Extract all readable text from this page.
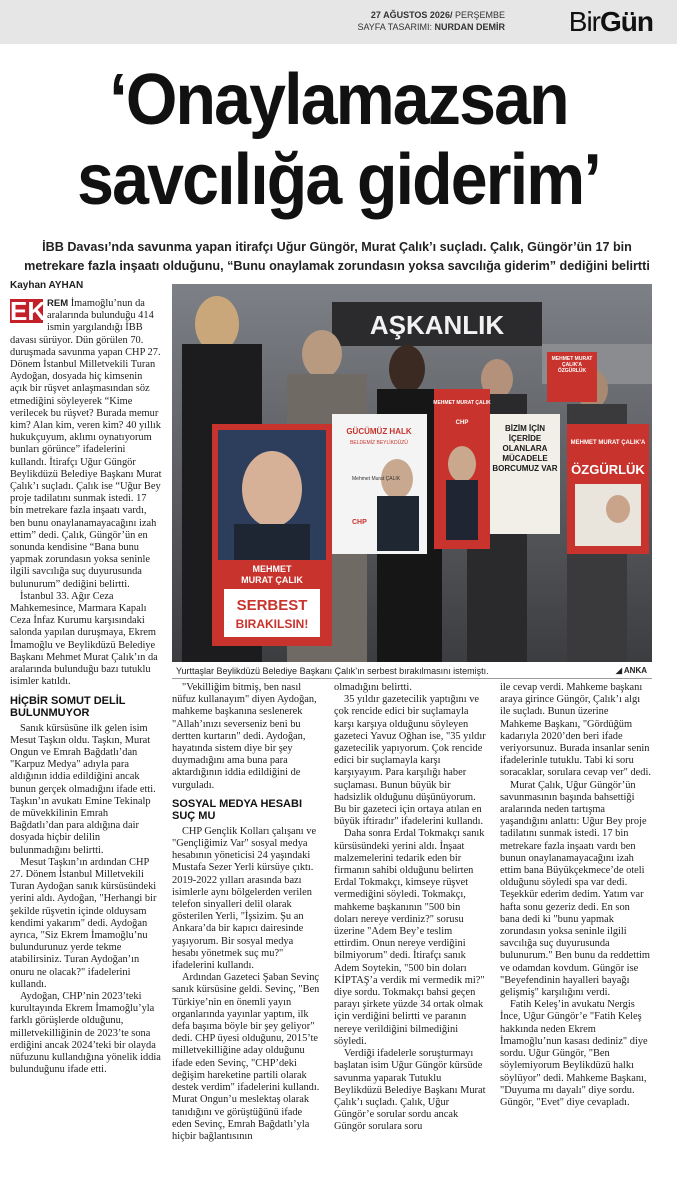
27 AĞUSTOS 2026/ PERŞEMBE
SAYFA TASARIMI: NURDAN DEMİR BirGün
‘Onaylamazsan
savcılığa giderim’
İBB Davası’nda savunma yapan itirafçı Uğur Güngör, Murat Çalık’ı suçladı. Çalık, Güngör’ün 17 bin metrekare fazla inşaatı olduğunu, “Bunu onaylamak zorundasın yoksa savcılığa giderim” dediğini belirtti
Kayhan AYHAN

EK REM İmamoğlu’nun da aralarında bulunduğu 414 ismin yargılandığı İBB davası sürüyor. Dün görülen 70. duruşmada savunma yapan CHP 27. Dönem İstanbul Milletvekili Turan Aydoğan, dosyada hiç kimsenin açık bir rüşvet anlaşmasından söz etmediğini söyleyerek “Kime verilecek bu rüşvet? Burada memur kim? Alan kim, veren kim? 40 yıllık hukukçuyum, aklımı oynatıyorum bunları görünce” ifadelerini kullandı. İtirafçı Uğur Güngör Beylikdüzü Belediye Başkanı Murat Çalık’ı suçladı. Çalık ise “Uğur Bey proje tadilatını sunmak istedi. 17 bin metrekare fazla inşaatı vardı, ben bunu onaylanamayacağını izah ettim” dedi. Çalık, Güngör’ün en sonunda kendisine “Bana bunu yapmak zorundasın yoksa seninle ilgili savcılığa suç duyurusunda bulunurum” dediğini belirtti.

İstanbul 33. Ağır Ceza Mahkemesince, Marmara Kapalı Ceza İnfaz Kurumu karşısındaki salonda yapılan duruşmaya, Ekrem İmamoğlu ve Beylikdüzü Belediye Başkanı Mehmet Murat Çalık’ın da aralarında bulunduğu bazı tutuklu isimler katıldı.

HİÇBİR SOMUT DELİL BULUNMUYOR

Sanık kürsüsüne ilk gelen isim Mesut Taşkın oldu. Taşkın, Murat Ongun ve Emrah Bağdatlı’dan "Karpuz Medya" adıyla para aldığının iddia edildiğini ancak bunun gerçek olmadığını ifade etti. Taşkın’ın avukatı Emine Tekinalp de müvekkilinin Emrah Bağdatlı’dan para aldığına dair dosyada hiçbir delilin bulunmadığını belirtti.

Mesut Taşkın’ın ardından CHP 27. Dönem İstanbul Milletvekili Turan Aydoğan sanık kürsüsündeki yerini aldı. Aydoğan, "Herhangi bir şekilde rüşvetin içinde olduysam kendimi yakarım" dedi. Aydoğan ayrıca, "Siz Ekrem İmamoğlu’nu bulundurunuz yerde tekme atabilirsiniz. Turan Aydoğan’ın onuru ne olacak?" ifadelerini kullandı.

Aydoğan, CHP’nin 2023’teki kurultayında Ekrem İmamoğlu’yla farklı görüşlerde olduğunu, milletvekilliğinin de 2023’te sona erdiğini ancak 2024’teki bir olayda nüfuzunu kullandığına yönelik iddia bulunduğunu ifade etti.

AŞKANLIK
MEHMET
MURAT ÇALIK
SERBEST
BIRAKILSIN!
GÜCÜMÜZ HALK
BELDEMİZ BEYLİKDÜZÜ
Mehmet Murat ÇALIK
CHP
MEHMET MURAT ÇALIK
CHP
BİZİM İÇİN İÇERİDE OLANLARA MÜCADELE BORCUMUZ VAR
MEHMET MURAT ÇALIK'A
ÖZGÜRLÜK
MEHMET MURAT ÇALIK'A ÖZGÜRLÜK
Yurttaşlar Beylikdüzü Belediye Başkanı Çalık’ın serbest bırakılmasını istemiştı.	◢ ANKA

"Vekilliğim bitmiş, ben nasıl nüfuz kullanayım" diyen Aydoğan, mahkeme başkanına seslenerek "Allah’ınızı severseniz beni bu dertten kurtarın" dedi. Aydoğan, hayatında sistem diye bir şey duymadığını ama buna para aktardığının iddia edildiğini de vurguladı.

SOSYAL MEDYA HESABI SUÇ MU

CHP Gençlik Kolları çalışanı ve "Gençliğimiz Var" sosyal medya hesabının yöneticisi 24 yaşındaki Mustafa Sezer Yerli kürsüye çıktı. 2019-2022 yılları arasında bazı isimlerle aynı bölgelerden verilen telefon sinyalleri delil olarak gösterilen Yerli, "İşsizim. Şu an Ankara’da bir kapıcı dairesinde yaşıyorum. Bir sosyal medya hesabı yönetmek suç mu?" ifadelerini kullandı.

Ardından Gazeteci Şaban Sevinç sanık kürsüsine geldi. Sevinç, "Ben Türkiye’nin en önemli yayın organlarında yayınlar yaptım, ilk defa başıma böyle bir şey geliyor" dedi. CHP üyesi olduğunu, 2015’te milletvekilliğine aday olduğunu ifade eden Sevinç, "CHP’deki değişim hareketine partili olarak destek verdim" ifadelerini kullandı. Murat Ongun’u meslektaş olarak tanıdığını ve görüştüğünü ifade eden Sevinç, Emrah Bağdatlı’yla hiçbir bağlantısının

olmadığını belirtti.

35 yıldır gazetecilik yaptığını ve çok rencide edici bir suçlamayla karşı karşıya olduğunu söyleyen gazeteci Yavuz Oğhan ise, "35 yıldır gazetecilik yapıyorum. Çok rencide edici bir suçlamayla karşı karşıyayım. Para karşılığı haber suçlaması. Bunun büyük bir hadsizlik olduğunu düşünüyorum. Bu bir gazeteci için ortaya atılan en büyük iftiradır" ifadelerini kullandı.

Daha sonra Erdal Tokmakçı sanık kürsüsündeki yerini aldı. İnşaat malzemelerini tedarik eden bir firmanın sahibi olduğunu belirten Erdal Tokmakçı, kimseye rüşvet vermediğini söyledi. Tokmakçı, mahkeme başkanının "500 bin doları nereye verdiniz?" sorusu üzerine "Adem Bey’e teslim ettirdim. Onun nereye verdiğini bilmiyorum" dedi. İtirafçı sanık Adem Soytekin, "500 bin doları KİPTAŞ’a verdik mi vermedik mi?" diye sordu. Tokmakçı bahsi geçen parayı şirkete yüzde 34 ortak olmak için verdiğini belirtti ve paranın nereye verildiğini bilmediğini söyledi.

Verdiği ifadelerle soruşturmayı başlatan isim Uğur Güngör kürsüde savunma yaparak Tutuklu Beylikdüzü Belediye Başkanı Murat Çalık’ı suçladı. Çalık, Uğur Güngör’e sorular sordu ancak Güngör sorulara soru

ile cevap verdi. Mahkeme başkanı araya girince Güngör, Çalık’ı algı ile suçladı. Bunun üzerine Mahkeme Başkanı, "Gördüğüm kadarıyla 2020’den beri ifade veriyorsunuz. Burada insanlar senin ifadelerinle tutuklu. Tabi ki soru soracaklar, sorulara cevap ver" dedi.

Murat Çalık, Uğur Güngör’ün savunmasının başında bahsettiği aralarında neden tartışma yaşandığını anlattı: Uğur Bey proje tadilatını sunmak istedi. 17 bin metrekare fazla inşaatı vardı ben bunun onaylanamayacağını izah ettim bana Büyükçekmece’de oteli olduğunu söyledi spa var dedi. Teşekkür ederim dedim. Yatım var hafta sonu gezeriz dedi. En son bana dedi ki "bunu yapmak zorundasın yoksa seninle ilgili savcılığa suç duyurusunda bulunurum." Ben bunu da reddettim ve odamdan kovdum. Güngör ise "Beyefendinin hayalleri bayağı gelişmiş" karşılığını verdi.

Fatih Keleş’in avukatu Nergis İnce, Uğur Güngör’e "Fatih Keleş hakkında neden Ekrem İmamoğlu’nun kasası dediniz" diye sordu. Uğur Güngör, "Ben söylemiyorum Beylikdüzü halkı söylüyor" dedi. Mahkeme Başkanı, "Duyuma mı dayalı" diye sordu. Güngör, "Evet" diye cevapladı.
